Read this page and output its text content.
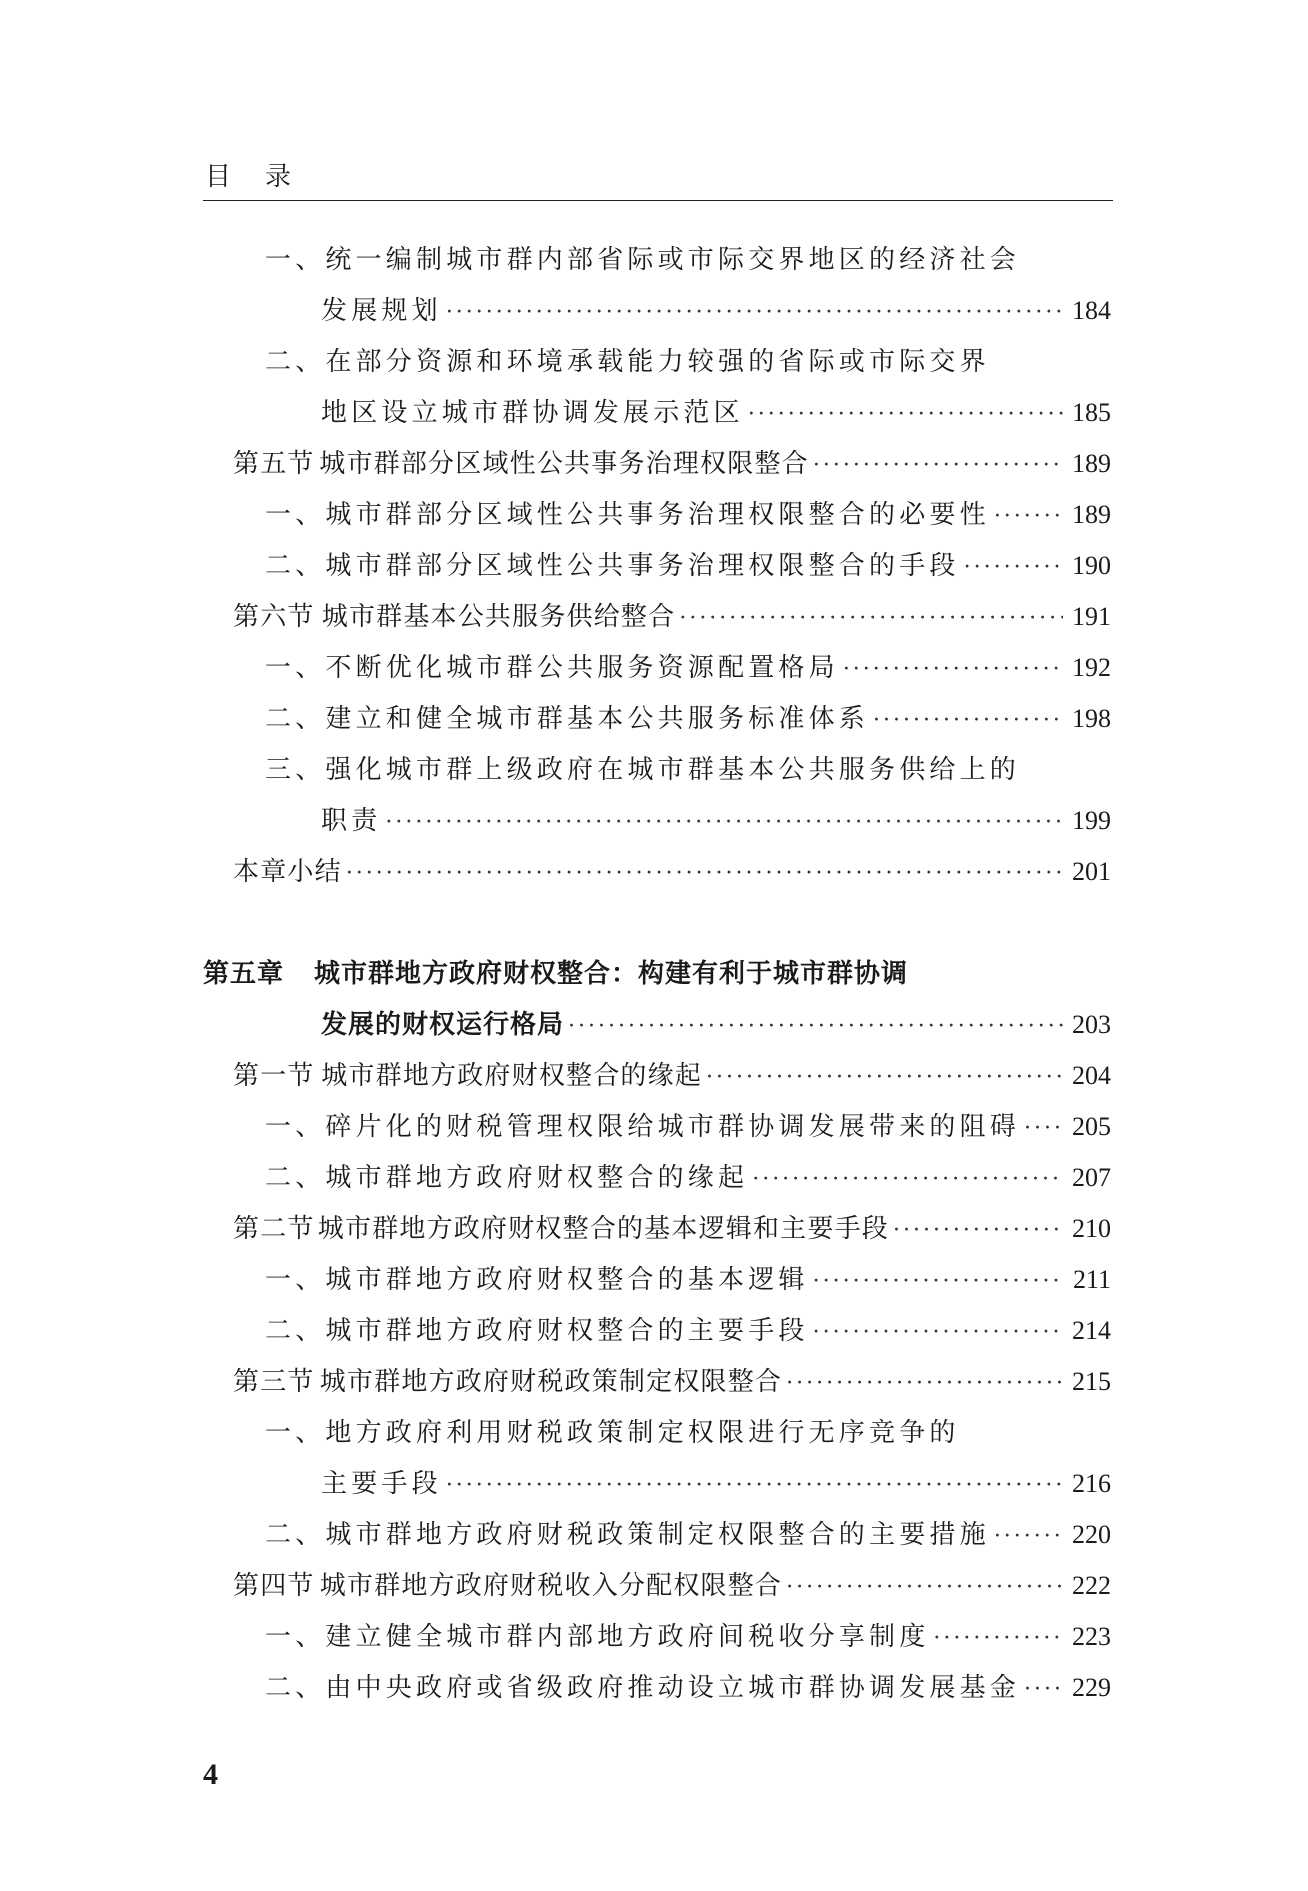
目录
一、统一编制城市群内部省际或市际交界地区的经济社会
发展规划 ·····	184
二、在部分资源和环境承载能力较强的省际或市际交界
地区设立城市群协调发展示范区 ·····	185
第五节 城市群部分区域性公共事务治理权限整合 ·····	189
一、城市群部分区域性公共事务治理权限整合的必要性 ·····	189
二、城市群部分区域性公共事务治理权限整合的手段 ·····	190
第六节 城市群基本公共服务供给整合 ·····	191
一、不断优化城市群公共服务资源配置格局 ·····	192
二、建立和健全城市群基本公共服务标准体系 ·····	198
三、强化城市群上级政府在城市群基本公共服务供给上的
职责 ·····	199
本章小结 ·····	201
第五章 城市群地方政府财权整合：构建有利于城市群协调
发展的财权运行格局 ·····	203
第一节 城市群地方政府财权整合的缘起 ·····	204
一、碎片化的财税管理权限给城市群协调发展带来的阻碍 ····· 205
二、城市群地方政府财权整合的缘起 ·····	207
第二节 城市群地方政府财权整合的基本逻辑和主要手段 ·····	210
一、城市群地方政府财权整合的基本逻辑 ·····	211
二、城市群地方政府财权整合的主要手段 ·····	214
第三节 城市群地方政府财税政策制定权限整合 ·····	215
一、地方政府利用财税政策制定权限进行无序竞争的
主要手段 ·····	216
二、城市群地方政府财税政策制定权限整合的主要措施 ·····	220
第四节 城市群地方政府财税收入分配权限整合 ·····	222
一、建立健全城市群内部地方政府间税收分享制度 ·····	223
二、由中央政府或省级政府推动设立城市群协调发展基金 ····· 229
4
